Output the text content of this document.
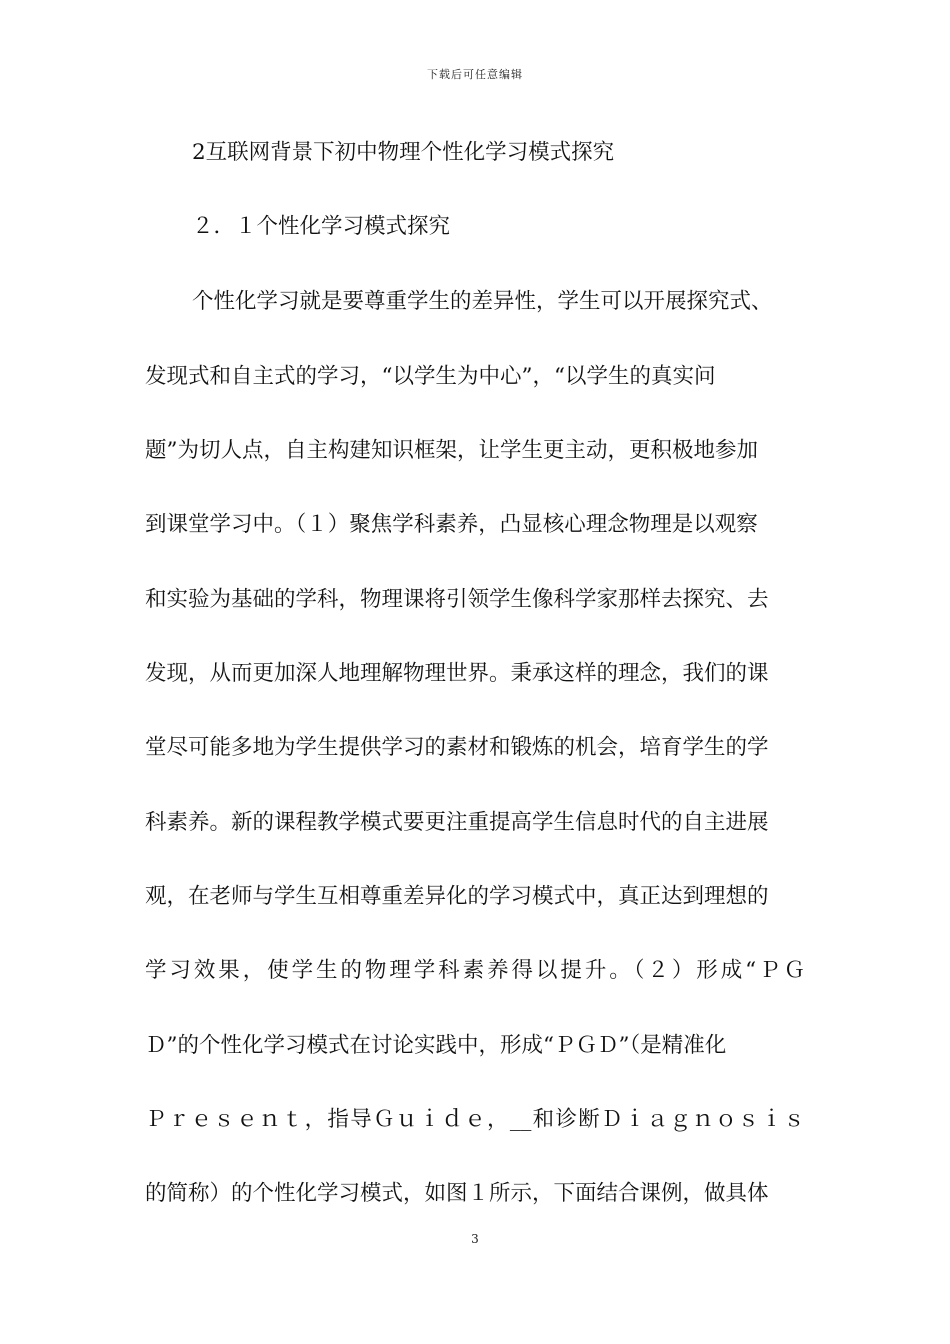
下载后可任意编辑
2互联网背景下初中物理个性化学习模式探究
２．１个性化学习模式探究
个性化学习就是要尊重学生的差异性，学生可以开展探究式、
发现式和自主式的学习，“以学生为中心”，“以学生的真实问
题”为切人点，自主构建知识框架，让学生更主动，更积极地参加
到课堂学习中。（１）聚焦学科素养，凸显核心理念物理是以观察
和实验为基础的学科，物理课将引领学生像科学家那样去探究、去
发现，从而更加深人地理解物理世界。秉承这样的理念，我们的课
堂尽可能多地为学生提供学习的素材和锻炼的机会，培育学生的学
科素养。新的课程教学模式要更注重提高学生信息时代的自主进展
观，在老师与学生互相尊重差异化的学习模式中，真正达到理想的
学习效果，使学生的物理学科素养得以提升。（２）形成“ＰＧ
Ｄ”的个性化学习模式在讨论实践中，形成“ＰＧＤ”（是精准化
Ｐｒｅｓｅｎｔ，指导Ｇｕｉｄｅ，__和诊断Ｄｉａｇｎｏｓｉｓ
的简称）的个性化学习模式，如图１所示，下面结合课例，做具体
3
